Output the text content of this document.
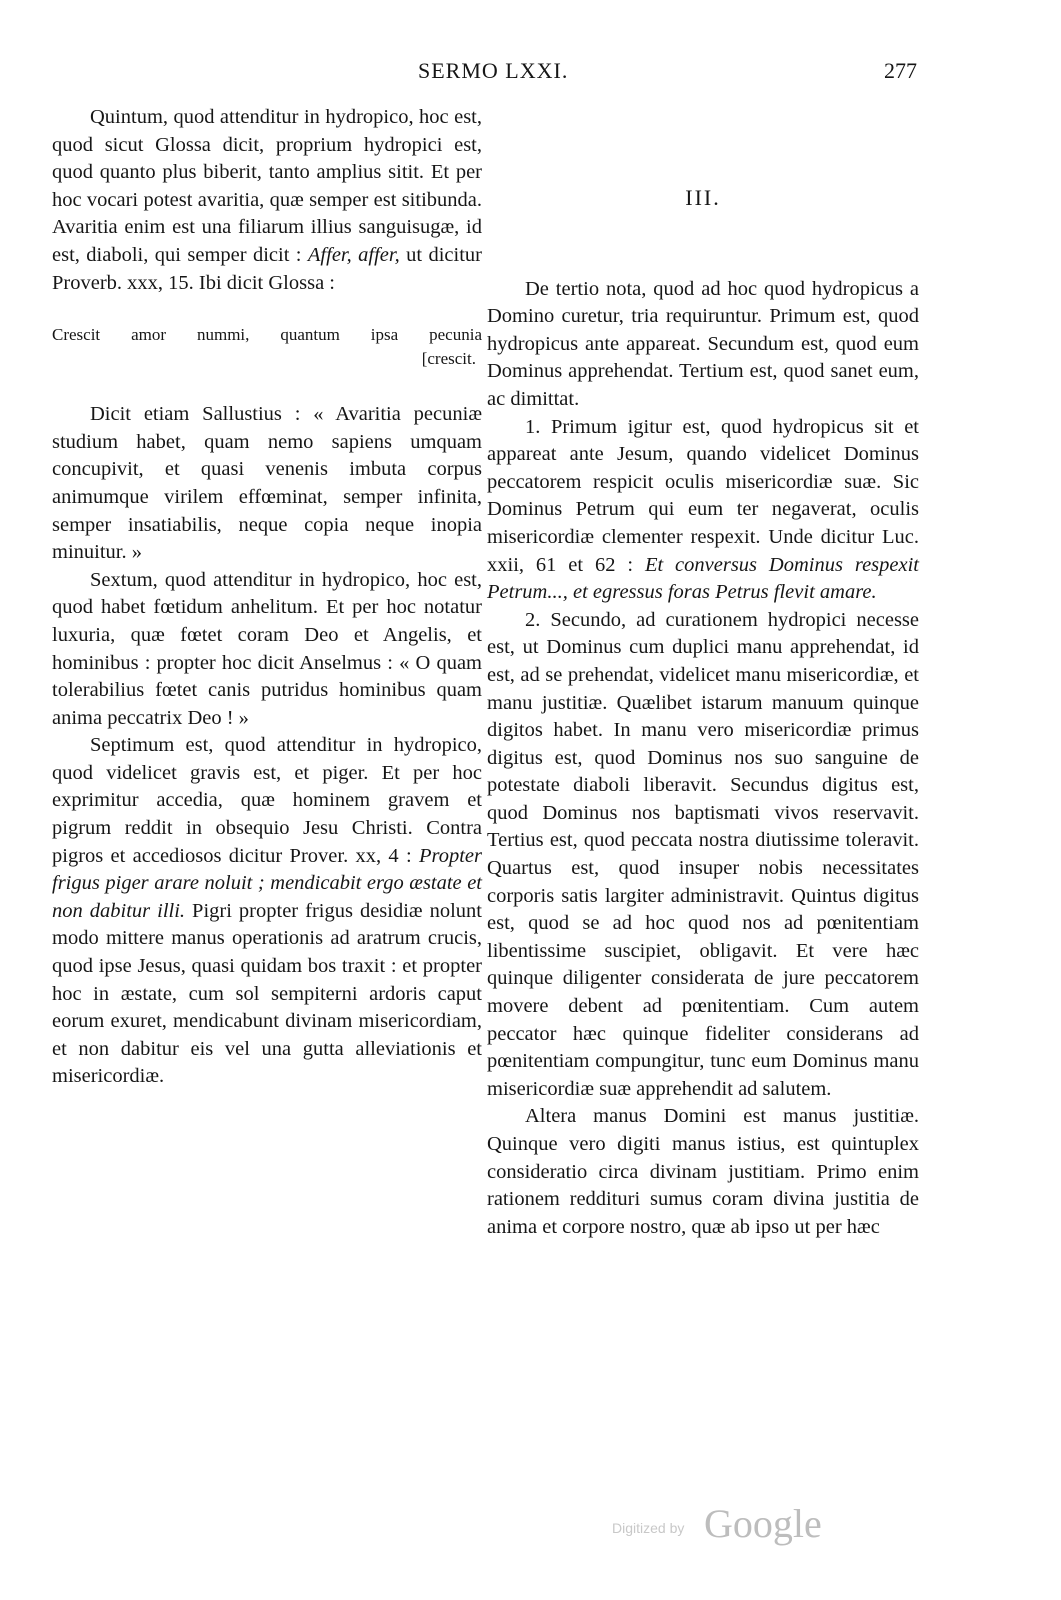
SERMO LXXI.	277

Quintum, quod attenditur in hydropico, hoc est, quod sicut Glossa dicit, proprium hydropici est, quod quanto plus biberit, tanto amplius sitit. Et per hoc vocari potest avaritia, quæ semper est sitibunda. Avaritia enim est una filiarum illius sanguisugæ, id est, diaboli, qui semper dicit : Affer, affer, ut dicitur Proverb. xxx, 15. Ibi dicit Glossa :

Crescit amor nummi, quantum ipsa pecunia
[crescit.

Dicit etiam Sallustius : « Avaritia pecuniæ studium habet, quam nemo sapiens umquam concupivit, et quasi venenis imbuta corpus animumque virilem effœminat, semper infinita, semper insatiabilis, neque copia neque inopia minuitur. »

Sextum, quod attenditur in hydropico, hoc est, quod habet fœtidum anhelitum. Et per hoc notatur luxuria, quæ fœtet coram Deo et Angelis, et hominibus : propter hoc dicit Anselmus : « O quam tolerabilius fœtet canis putridus hominibus quam anima peccatrix Deo ! »

Septimum est, quod attenditur in hydropico, quod videlicet gravis est, et piger. Et per hoc exprimitur accedia, quæ hominem gravem et pigrum reddit in obsequio Jesu Christi. Contra pigros et accediosos dicitur Prover. xx, 4 : Propter frigus piger arare noluit ; mendicabit ergo æstate et non dabitur illi. Pigri propter frigus desidiæ nolunt modo mittere manus operationis ad aratrum crucis, quod ipse Jesus, quasi quidam bos traxit : et propter hoc in æstate, cum sol sempiterni ardoris caput eorum exuret, mendicabunt divinam misericordiam, et non dabitur eis vel una gutta alleviationis et misericordiæ.

III.

De tertio nota, quod ad hoc quod hydropicus a Domino curetur, tria requiruntur. Primum est, quod hydropicus ante appareat. Secundum est, quod eum Dominus apprehendat. Tertium est, quod sanet eum, ac dimittat.

1. Primum igitur est, quod hydropicus sit et appareat ante Jesum, quando videlicet Dominus peccatorem respicit oculis misericordiæ suæ. Sic Dominus Petrum qui eum ter negaverat, oculis misericordiæ clementer respexit. Unde dicitur Luc. xxii, 61 et 62 : Et conversus Dominus respexit Petrum..., et egressus foras Petrus flevit amare.

2. Secundo, ad curationem hydropici necesse est, ut Dominus cum duplici manu apprehendat, id est, ad se prehendat, videlicet manu misericordiæ, et manu justitiæ. Quælibet istarum manuum quinque digitos habet. In manu vero misericordiæ primus digitus est, quod Dominus nos suo sanguine de potestate diaboli liberavit. Secundus digitus est, quod Dominus nos baptismati vivos reservavit. Tertius est, quod peccata nostra diutissime toleravit. Quartus est, quod insuper nobis necessitates corporis satis largiter administravit. Quintus digitus est, quod se ad hoc quod nos ad pœnitentiam libentissime suscipiet, obligavit. Et vere hæc quinque diligenter considerata de jure peccatorem movere debent ad pœnitentiam. Cum autem peccator hæc quinque fideliter considerans ad pœnitentiam compungitur, tunc eum Dominus manu misericordiæ suæ apprehendit ad salutem.

Altera manus Domini est manus justitiæ. Quinque vero digiti manus istius, est quintuplex consideratio circa divinam justitiam. Primo enim rationem reddituri sumus coram divina justitia de anima et corpore nostro, quæ ab ipso ut per hæc

Digitized by Google
